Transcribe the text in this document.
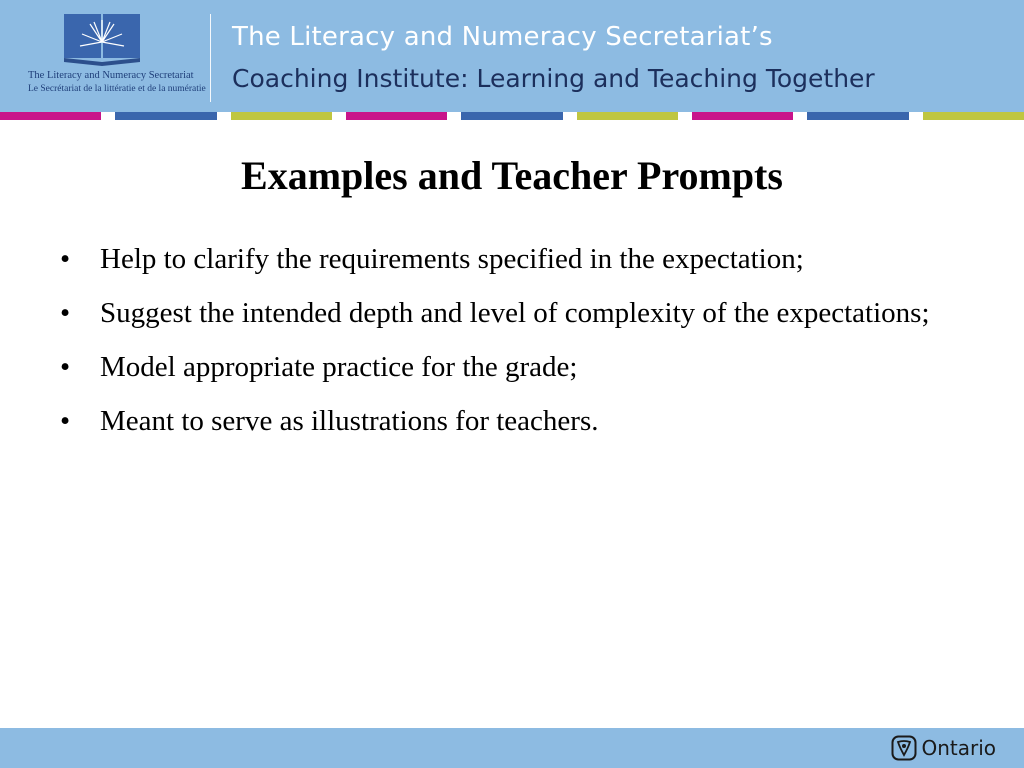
The Literacy and Numeracy Secretariat
Le Secrétariat de la littératie et de la numératie
The Literacy and Numeracy Secretariat’s
Coaching Institute: Learning and Teaching Together
Examples and Teacher Prompts
• Help to clarify the requirements specified in the expectation;
• Suggest the intended depth and level of complexity of the expectations;
• Model appropriate practice for the grade;
• Meant to serve as illustrations for teachers.
Ontario
